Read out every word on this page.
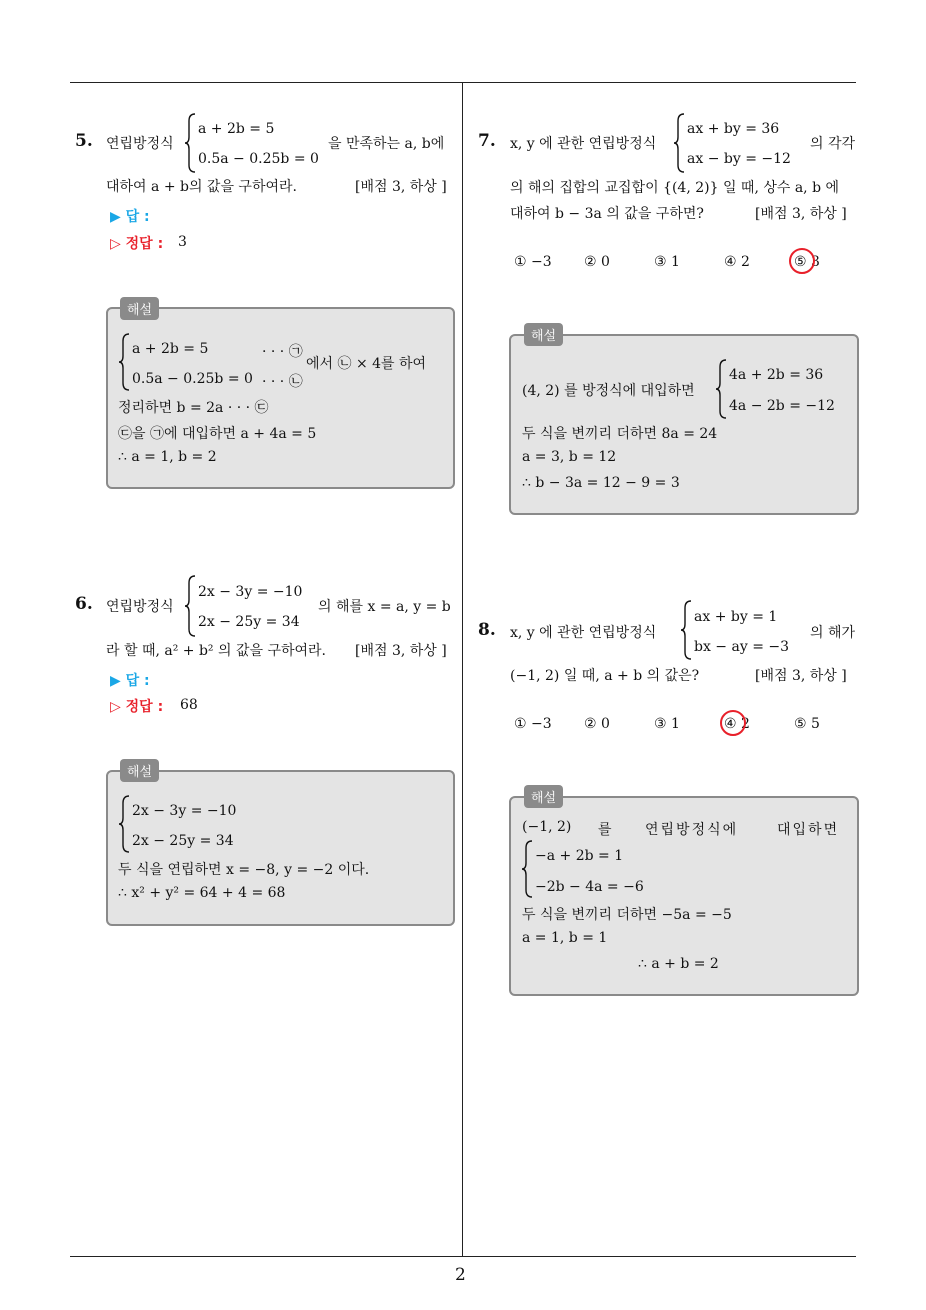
5. 연립방정식
a + 2b = 5
0.5a − 0.25b = 0
을 만족하는 a, b에
대하여 a + b의 값을 구하여라.	[배점 3, 하상 ]
▶ 답 :
▷ 정답 : 3
해설
a + 2b = 5	· · · ㉠
0.5a − 0.25b = 0 · · · ㉡
에서 ㉡ × 4를 하여
정리하면 b = 2a · · · ㉢
㉢을 ㉠에 대입하면 a + 4a = 5
∴ a = 1, b = 2
6. 연립방정식
2x − 3y = −10
2x − 25y = 34
의 해를 x = a, y = b
라 할 때, a² + b² 의 값을 구하여라. [배점 3, 하상 ]
▶ 답 :
▷ 정답 : 68
해설
2x − 3y = −10
2x − 25y = 34
두 식을 연립하면 x = −8, y = −2 이다.
∴ x² + y² = 64 + 4 = 68
7. x, y 에 관한 연립방정식
ax + by = 36
ax − by = −12
의 각각
의 해의 집합의 교집합이 {(4, 2)} 일 때, 상수 a, b 에
대하여 b − 3a 의 값을 구하면?	[배점 3, 하상 ]
① −3 ② 0	③ 1	④ 2	⑤ 3
해설
(4, 2) 를 방정식에 대입하면
4a + 2b = 36
4a − 2b = −12
두 식을 변끼리 더하면 8a = 24
a = 3, b = 12
∴ b − 3a = 12 − 9 = 3
8. x, y 에 관한 연립방정식
ax + by = 1
bx − ay = −3
의 해가
(−1, 2) 일 때, a + b 의 값은?	[배점 3, 하상 ]
① −3 ② 0	③ 1	④ 2	⑤ 5
해설
(−1, 2) 를 연립방정식에	대입하면
−a + 2b = 1
−2b − 4a = −6
두 식을 변끼리 더하면 −5a = −5
a = 1, b = 1
∴ a + b = 2
2
